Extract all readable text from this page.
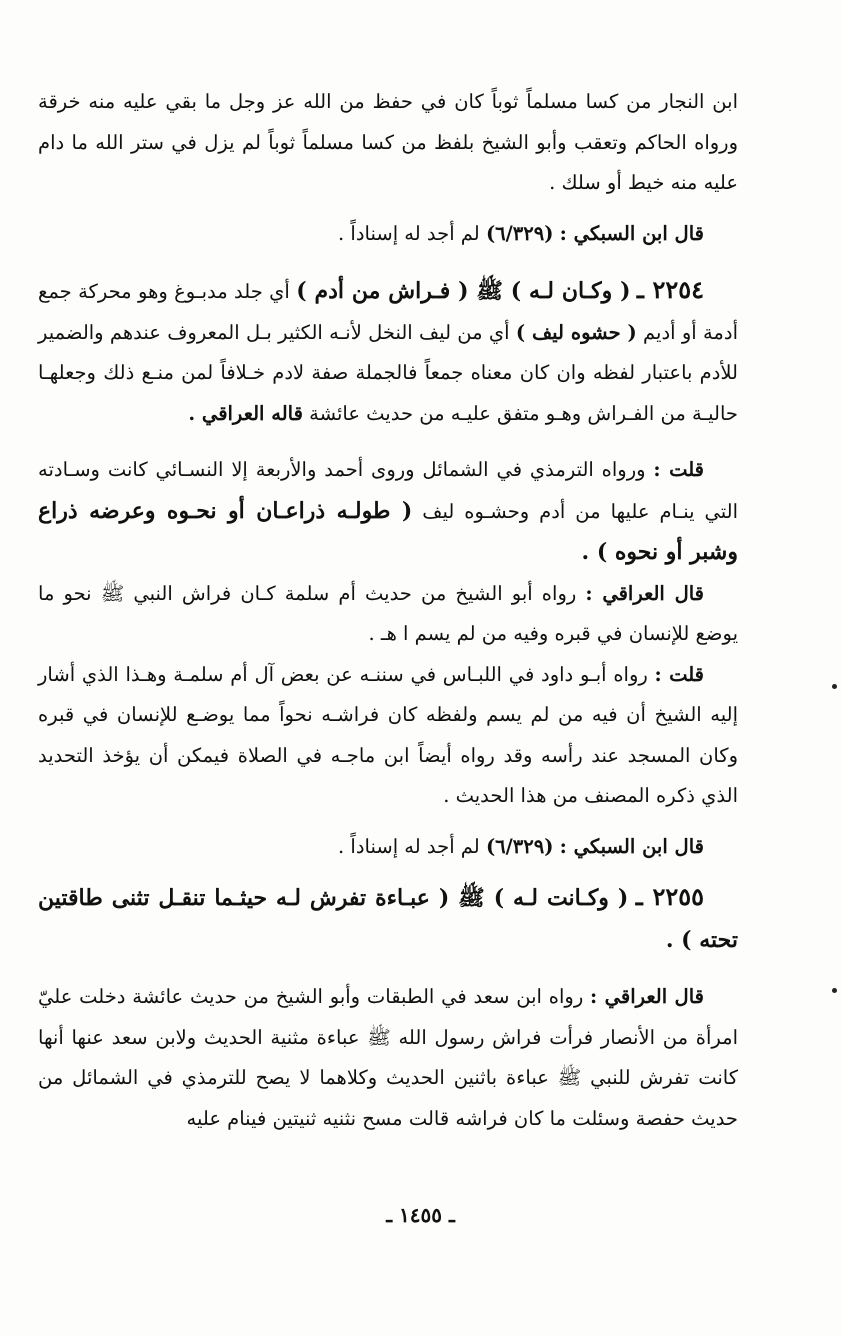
ابن النجار من كسا مسلماً ثوباً كان في حفظ من الله عز وجل ما بقي عليه منه خرقة ورواه الحاكم وتعقب وأبو الشيخ بلفظ من كسا مسلماً ثوباً لم يزل في ستر الله ما دام عليه منه خيط أو سلك .

قال ابن السبكي : (٦/٣٢٩) لم أجد له إسناداً .

٢٢٥٤ ـ ( وكـان لـه ) ﷺ ( فـراش من أدم ) أي جلد مدبـوغ وهو محركة جمع أدمة أو أديم ( حشوه ليف ) أي من ليف النخل لأنـه الكثير بـل المعروف عندهم والضمير للأدم باعتبار لفظه وان كان معناه جمعاً فالجملة صفة لادم خـلافاً لمن منـع ذلك وجعلهـا حاليـة من الفـراش وهـو متفق عليـه من حديث عائشة قاله العراقي .

قلت : ورواه الترمذي في الشمائل وروى أحمد والأربعة إلا النسـائي كانت وسـادته التي ينـام عليها من أدم وحشـوه ليف ( طولـه ذراعـان أو نحـوه وعرضه ذراع وشبر أو نحوه ) .

قال العراقي : رواه أبو الشيخ من حديث أم سلمة كـان فراش النبي ﷺ نحو ما يوضع للإنسان في قبره وفيه من لم يسم ا هـ .

قلت : رواه أبـو داود في اللبـاس في سننـه عن بعض آل أم سلمـة وهـذا الذي أشار إليه الشيخ أن فيه من لم يسم ولفظه كان فراشـه نحواً مما يوضـع للإنسان في قبره وكان المسجد عند رأسه وقد رواه أيضاً ابن ماجـه في الصلاة فيمكن أن يؤخذ التحديد الذي ذكره المصنف من هذا الحديث .

قال ابن السبكي : (٦/٣٢٩) لم أجد له إسناداً .

٢٢٥٥ ـ ( وكـانت لـه ) ﷺ ( عبـاءة تفرش لـه حيثـما تنقـل تثنى طاقتين تحته ) .

قال العراقي : رواه ابن سعد في الطبقات وأبو الشيخ من حديث عائشة دخلت عليّ امرأة من الأنصار فرأت فراش رسول الله ﷺ عباءة مثنية الحديث ولابن سعد عنها أنها كانت تفرش للنبي ﷺ عباءة باثنين الحديث وكلاهما لا يصح للترمذي في الشمائل من حديث حفصة وسئلت ما كان فراشه قالت مسح نثنيه ثنيتين فينام عليه

ـ ١٤٥٥ ـ
